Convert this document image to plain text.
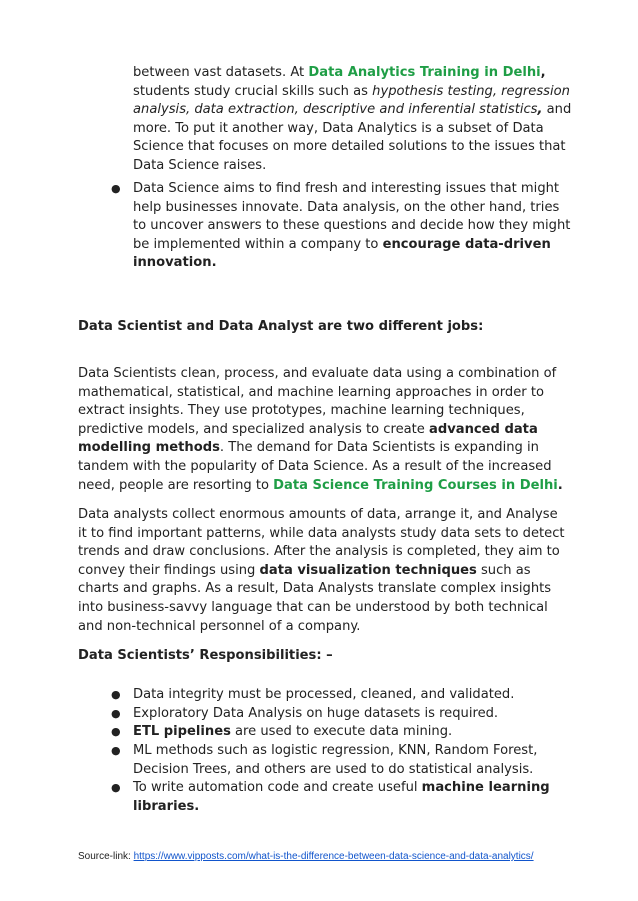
between vast datasets. At Data Analytics Training in Delhi, students study crucial skills such as hypothesis testing, regression analysis, data extraction, descriptive and inferential statistics, and more. To put it another way, Data Analytics is a subset of Data Science that focuses on more detailed solutions to the issues that Data Science raises.
● Data Science aims to find fresh and interesting issues that might help businesses innovate. Data analysis, on the other hand, tries to uncover answers to these questions and decide how they might be implemented within a company to encourage data-driven innovation.
Data Scientist and Data Analyst are two different jobs:
Data Scientists clean, process, and evaluate data using a combination of mathematical, statistical, and machine learning approaches in order to extract insights. They use prototypes, machine learning techniques, predictive models, and specialized analysis to create advanced data modelling methods. The demand for Data Scientists is expanding in tandem with the popularity of Data Science. As a result of the increased need, people are resorting to Data Science Training Courses in Delhi.
Data analysts collect enormous amounts of data, arrange it, and Analyse it to find important patterns, while data analysts study data sets to detect trends and draw conclusions. After the analysis is completed, they aim to convey their findings using data visualization techniques such as charts and graphs. As a result, Data Analysts translate complex insights into business-savvy language that can be understood by both technical and non-technical personnel of a company.
Data Scientists’ Responsibilities: –
● Data integrity must be processed, cleaned, and validated.
● Exploratory Data Analysis on huge datasets is required.
● ETL pipelines are used to execute data mining.
● ML methods such as logistic regression, KNN, Random Forest, Decision Trees, and others are used to do statistical analysis.
● To write automation code and create useful machine learning libraries.
Source-link: https://www.vipposts.com/what-is-the-difference-between-data-science-and-data-analytics/
